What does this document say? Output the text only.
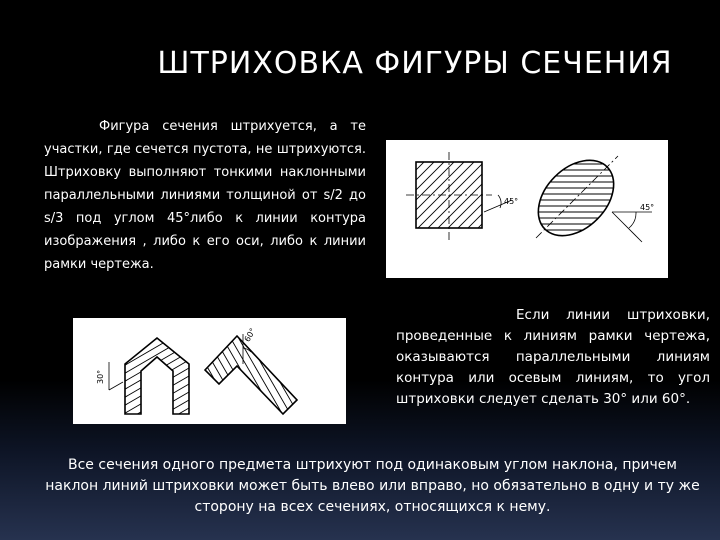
ШТРИХОВКА ФИГУРЫ СЕЧЕНИЯ

Фигура сечения штрихуется, а те участки, где сечется пустота, не штрихуются. Штриховку выполняют тонкими наклонными параллельными линиями толщиной от s/2 до s/3 под углом 45°либо к линии контура изображения , либо к его оси, либо к линии рамки чертежа.

45°
45°

Если линии штриховки, проведенные к линиям рамки чертежа, оказываются параллельными линиям контура или осевым линиям, то угол штриховки следует сделать 30° или 60°.

30°
60°

Все сечения одного предмета штрихуют под одинаковым углом наклона, причем наклон линий штриховки может быть влево или вправо, но обязательно в одну и ту же сторону на всех сечениях, относящихся к нему.
